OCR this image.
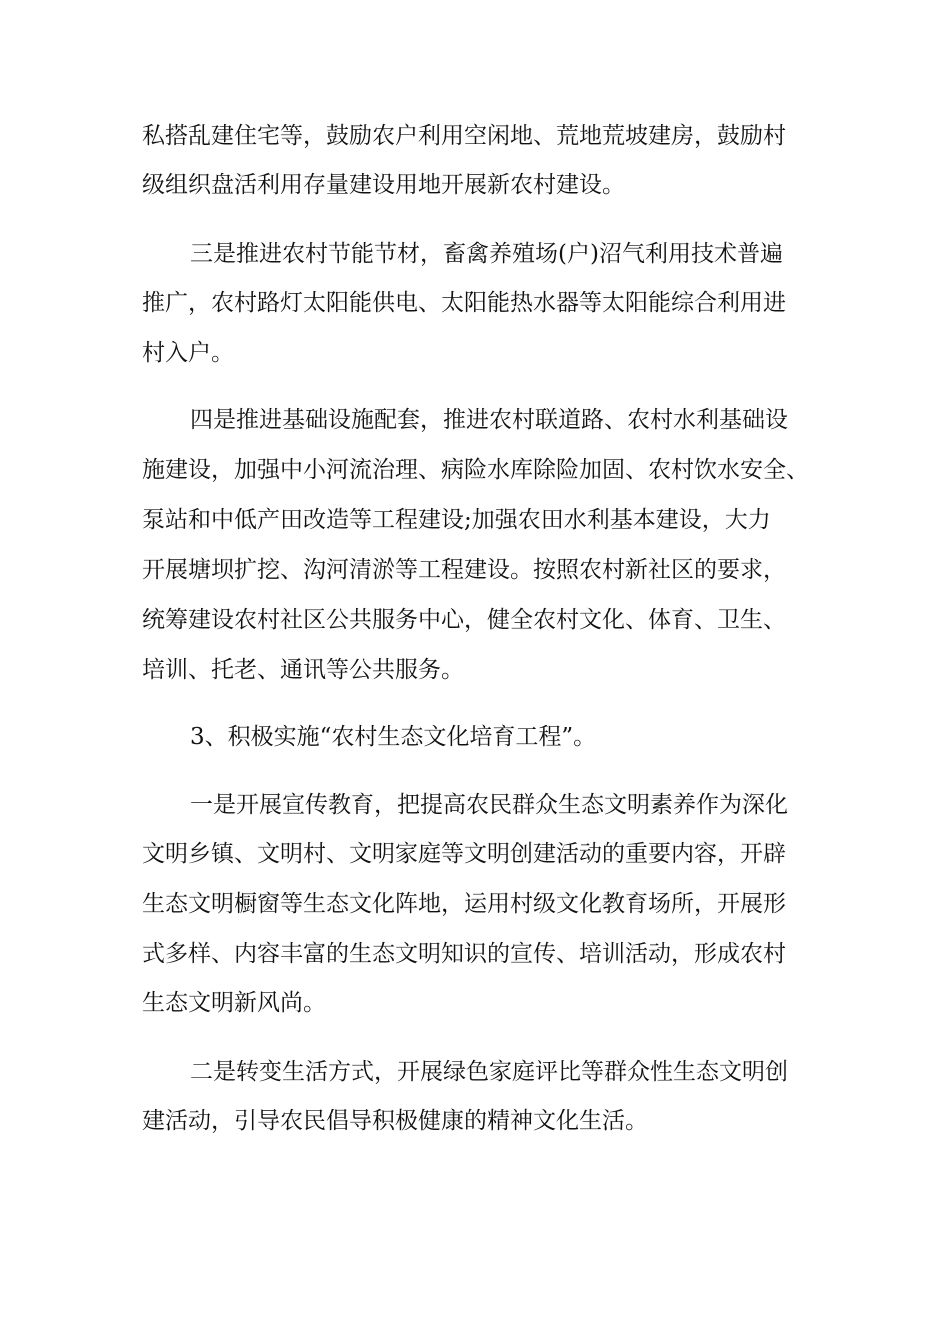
私搭乱建住宅等，鼓励农户利用空闲地、荒地荒坡建房，鼓励村
级组织盘活利用存量建设用地开展新农村建设。
三是推进农村节能节材，畜禽养殖场(户)沼气利用技术普遍
推广，农村路灯太阳能供电、太阳能热水器等太阳能综合利用进
村入户。
四是推进基础设施配套，推进农村联道路、农村水利基础设
施建设，加强中小河流治理、病险水库除险加固、农村饮水安全、
泵站和中低产田改造等工程建设;加强农田水利基本建设，大力
开展塘坝扩挖、沟河清淤等工程建设。按照农村新社区的要求，
统筹建设农村社区公共服务中心，健全农村文化、体育、卫生、
培训、托老、通讯等公共服务。
3、积极实施“农村生态文化培育工程”。
一是开展宣传教育，把提高农民群众生态文明素养作为深化
文明乡镇、文明村、文明家庭等文明创建活动的重要内容，开辟
生态文明橱窗等生态文化阵地，运用村级文化教育场所，开展形
式多样、内容丰富的生态文明知识的宣传、培训活动，形成农村
生态文明新风尚。
二是转变生活方式，开展绿色家庭评比等群众性生态文明创
建活动，引导农民倡导积极健康的精神文化生活。
